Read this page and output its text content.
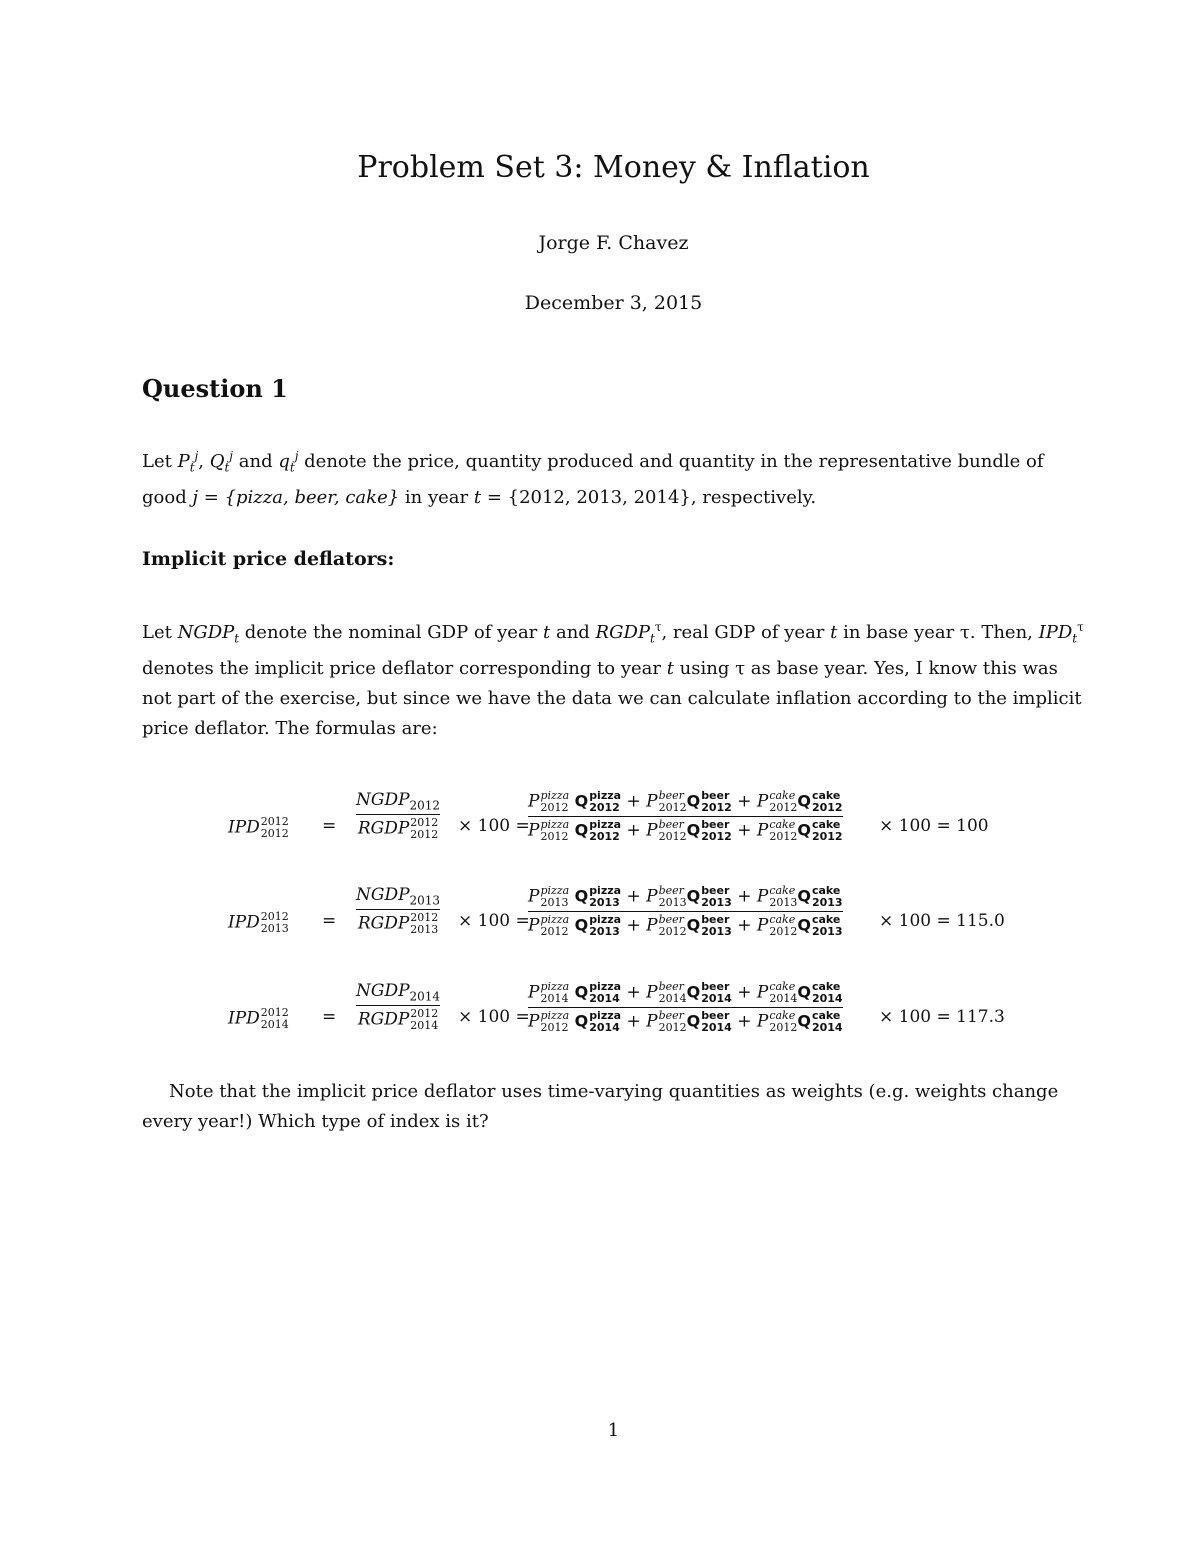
Problem Set 3: Money & Inflation
Jorge F. Chavez
December 3, 2015
Question 1
Let $P_t^j$, $Q_t^j$ and $q_t^j$ denote the price, quantity produced and quantity in the representative bundle of good j = {pizza, beer, cake} in year t = {2012, 2013, 2014}, respectively.
Implicit price deflators:
Let $NGDP_t$ denote the nominal GDP of year t and $RGDP_t^\tau$, real GDP of year t in base year τ. Then, $IPD_t^\tau$ denotes the implicit price deflator corresponding to year t using τ as base year. Yes, I know this was not part of the exercise, but since we have the data we can calculate inflation according to the implicit price deflator. The formulas are:
IPD 2012
2012 =
$NGDP_{2012}$
RGDP 2012
2012 × 100 =
P pizza
2012 Q pizza
2012 + P beer
2012 Q beer
2012 + P cake
2012 Q cake
2012
P pizza
2012 Q pizza
2012 + P beer
2012 Q beer
2012 + P cake
2012 Q cake
2012
× 100 = 100
IPD 2012
2013 =
$NGDP_{2013}$
RGDP 2012
2013 × 100 =
P pizza
2013 Q pizza
2013 + P beer
2013 Q beer
2013 + P cake
2013 Q cake
2013
P pizza
2012 Q pizza
2013 + P beer
2012 Q beer
2013 + P cake
2012 Q cake
2013
× 100 = 115.0
IPD 2012
2014 =
$NGDP_{2014}$
RGDP 2012
2014 × 100 =
P pizza
2014 Q pizza
2014 + P beer
2014 Q beer
2014 + P cake
2014 Q cake
2014
P pizza
2012 Q pizza
2014 + P beer
2012 Q beer
2014 + P cake
2012 Q cake
2014
× 100 = 117.3
Note that the implicit price deflator uses time-varying quantities as weights (e.g. weights change every year!) Which type of index is it?
1
